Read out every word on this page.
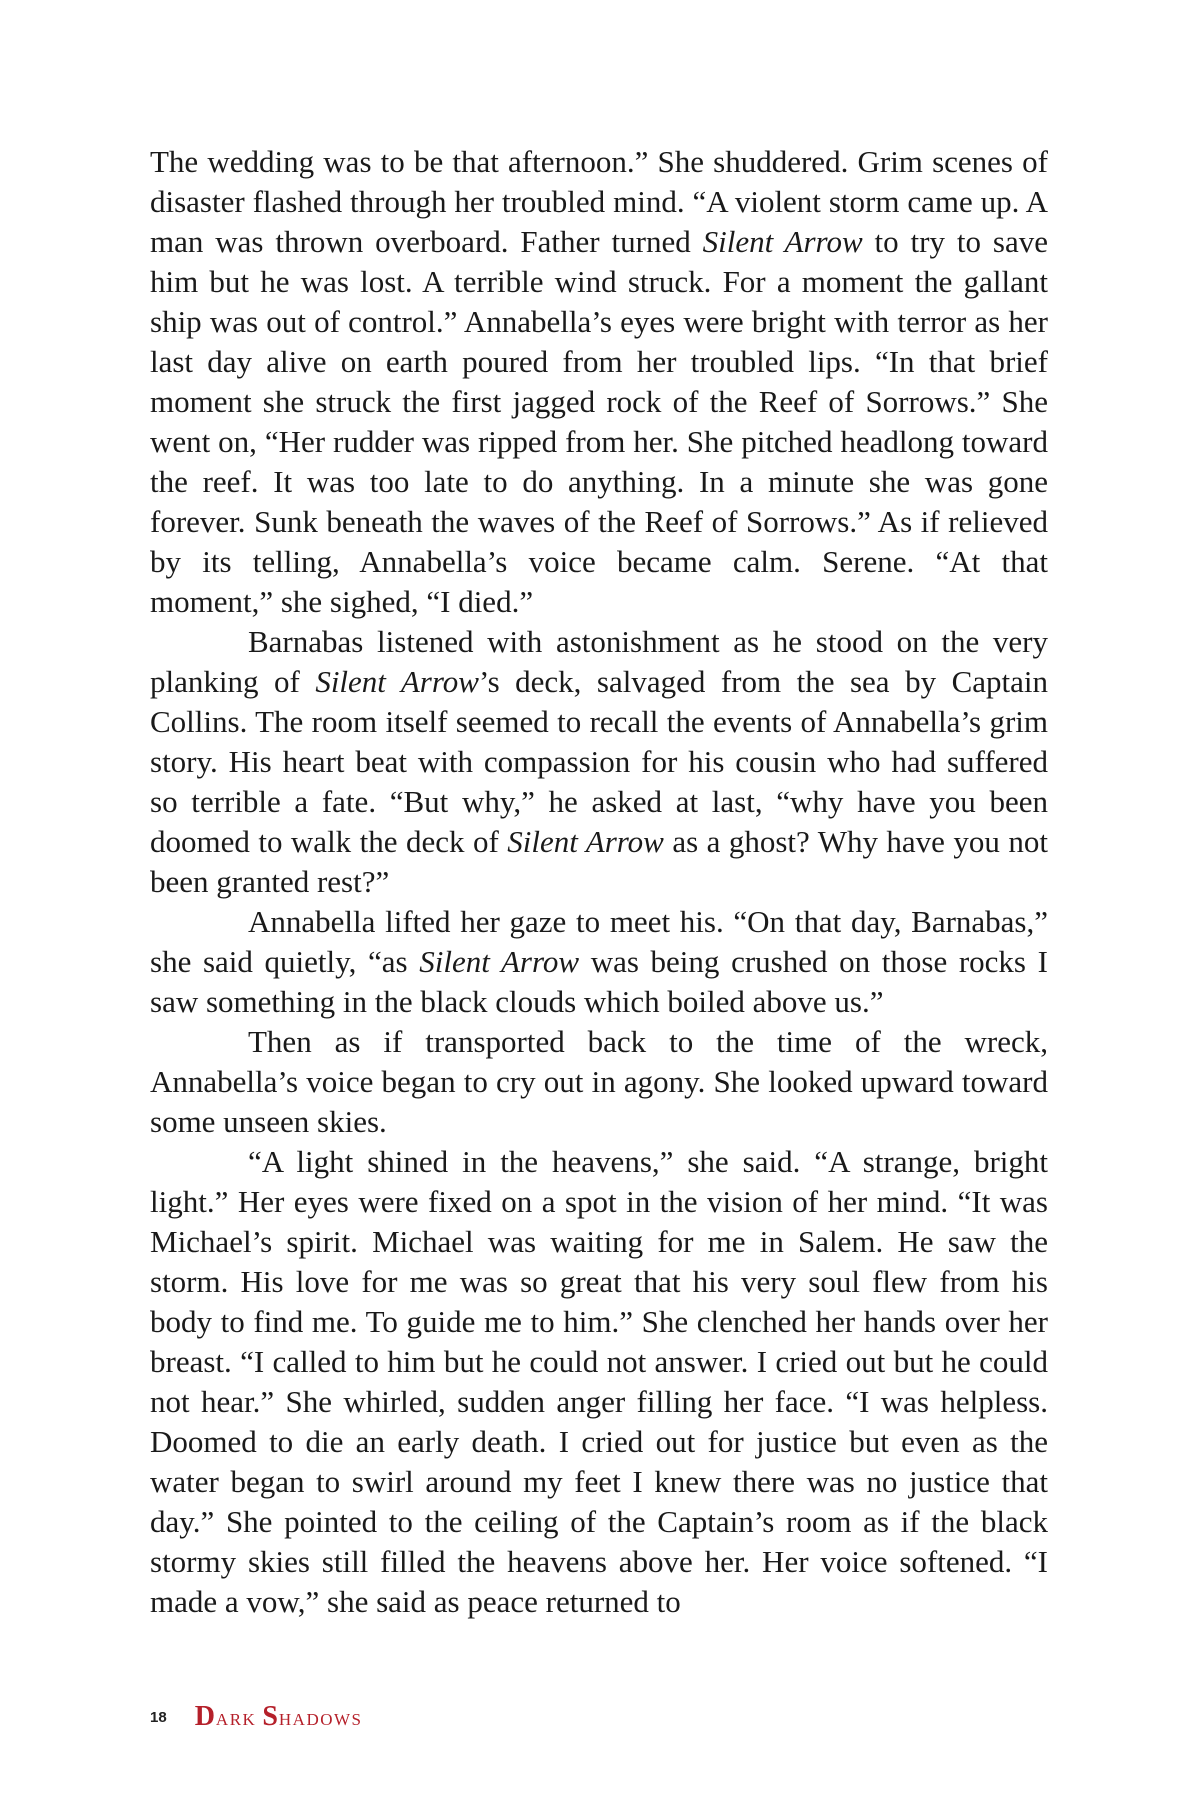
The wedding was to be that afternoon.” She shuddered. Grim scenes of disaster flashed through her troubled mind. “A violent storm came up. A man was thrown overboard. Father turned Silent Arrow to try to save him but he was lost. A terrible wind struck. For a moment the gallant ship was out of control.” Annabella’s eyes were bright with terror as her last day alive on earth poured from her troubled lips. “In that brief moment she struck the first jagged rock of the Reef of Sorrows.” She went on, “Her rudder was ripped from her. She pitched headlong toward the reef. It was too late to do anything. In a minute she was gone forever. Sunk beneath the waves of the Reef of Sorrows.” As if relieved by its telling, Annabella’s voice became calm. Serene. “At that moment,” she sighed, “I died.”

Barnabas listened with astonishment as he stood on the very planking of Silent Arrow’s deck, salvaged from the sea by Captain Collins. The room itself seemed to recall the events of Annabella’s grim story. His heart beat with compassion for his cousin who had suffered so terrible a fate. “But why,” he asked at last, “why have you been doomed to walk the deck of Silent Arrow as a ghost? Why have you not been granted rest?”

Annabella lifted her gaze to meet his. “On that day, Barnabas,” she said quietly, “as Silent Arrow was being crushed on those rocks I saw something in the black clouds which boiled above us.”

Then as if transported back to the time of the wreck, Annabella’s voice began to cry out in agony. She looked upward toward some unseen skies.

“A light shined in the heavens,” she said. “A strange, bright light.” Her eyes were fixed on a spot in the vision of her mind. “It was Michael’s spirit. Michael was waiting for me in Salem. He saw the storm. His love for me was so great that his very soul flew from his body to find me. To guide me to him.” She clenched her hands over her breast. “I called to him but he could not answer. I cried out but he could not hear.” She whirled, sudden anger filling her face. “I was helpless. Doomed to die an early death. I cried out for justice but even as the water began to swirl around my feet I knew there was no justice that day.” She pointed to the ceiling of the Captain’s room as if the black stormy skies still filled the heavens above her. Her voice softened. “I made a vow,” she said as peace returned to

18 D ARK S HADOWS
